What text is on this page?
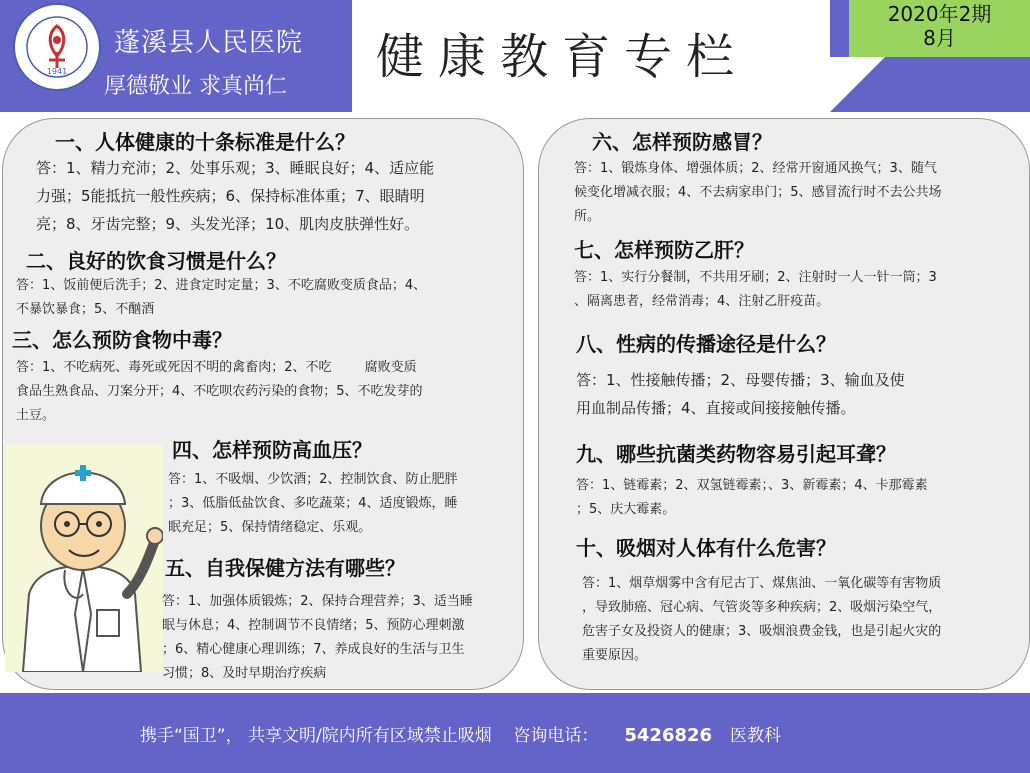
1941
蓬溪县人民医院
厚德敬业 求真尚仁
健康教育专栏
2020年2期
8月
一、人体健康的十条标准是什么？
答：1、精力充沛；2、处事乐观；3、睡眠良好；4、适应能
力强；5能抵抗一般性疾病；6、保持标准体重；7、眼睛明
亮；8、牙齿完整；9、头发光泽；10、肌肉皮肤弹性好。
二、良好的饮食习惯是什么？
答：1、饭前便后洗手；2、进食定时定量；3、不吃腐败变质食品；4、
不暴饮暴食；5、不酗酒
三、怎么预防食物中毒？
答：1、不吃病死、毒死或死因不明的禽畜肉；2、不吃        腐败变质
食品生熟食品、刀案分开；4、不吃呗农药污染的食物；5、不吃发芽的
土豆。
四、怎样预防高血压？
答：1、不吸烟、少饮酒；2、控制饮食、防止肥胖
；3、低脂低盐饮食、多吃蔬菜；4、适度锻炼，睡
眠充足；5、保持情绪稳定、乐观。
五、自我保健方法有哪些？
答：1、加强体质锻炼；2、保持合理营养；3、适当睡
眠与休息；4、控制调节不良情绪；5、预防心理刺激
；6、精心健康心理训练；7、养成良好的生活与卫生
习惯；8、及时早期治疗疾病
六、怎样预防感冒？
答：1、锻炼身体、增强体质；2、经常开窗通风换气；3、随气
候变化增减衣服；4、不去病家串门；5、感冒流行时不去公共场
所。
七、怎样预防乙肝？
答：1、实行分餐制，不共用牙刷；2、注射时一人一针一筒；3
、隔离患者，经常消毒；4、注射乙肝疫苗。
八、性病的传播途径是什么？
答：1、性接触传播；2、母婴传播；3、输血及使
用血制品传播；4、直接或间接接触传播。
九、哪些抗菌类药物容易引起耳聋？
答：1、链霉素；2、双氢链霉素；、3、新霉素；4、卡那霉素
；5、庆大霉素。
十、吸烟对人体有什么危害？
答：1、烟草烟雾中含有尼古丁、煤焦油、一氧化碳等有害物质
，导致肺癌、冠心病、气管炎等多种疾病；2、吸烟污染空气，
危害子女及投资人的健康；3、吸烟浪费金钱，也是引起火灾的
重要原因。
携手“国卫”， 共享文明/院内所有区域禁止吸烟    咨询电话： 5426826 医教科
